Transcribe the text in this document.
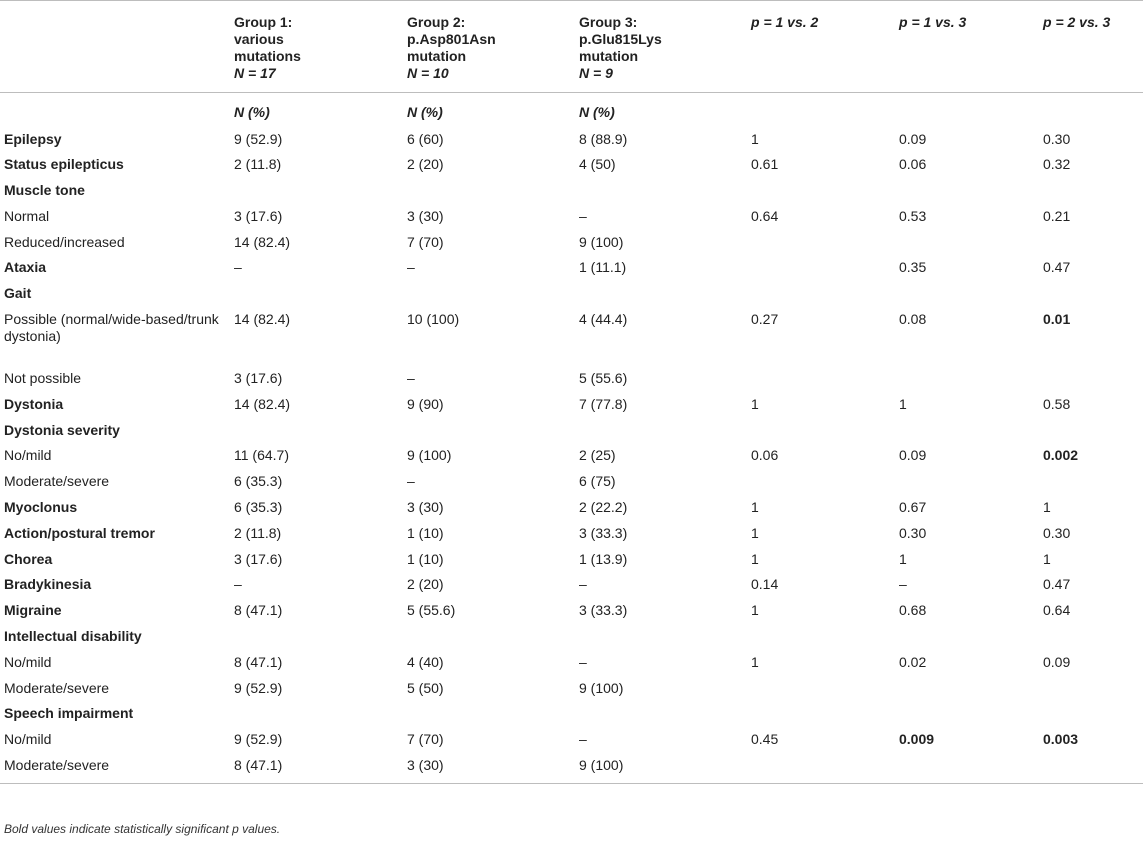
	Group 1:
various
mutations
N = 17	Group 2:
p.Asp801Asn
mutation
N = 10	Group 3:
p.Glu815Lys
mutation
N = 9	p = 1 vs. 2	p = 1 vs. 3	p = 2 vs. 3
	N (%)	N (%)	N (%)			
Epilepsy	9 (52.9)	6 (60)	8 (88.9)	1	0.09	0.30
Status epilepticus	2 (11.8)	2 (20)	4 (50)	0.61	0.06	0.32
Muscle tone						
Normal	3 (17.6)	3 (30)	–	0.64	0.53	0.21
Reduced/increased	14 (82.4)	7 (70)	9 (100)			
Ataxia	–	–	1 (11.1)		0.35	0.47
Gait						
Possible (normal/wide-based/trunk dystonia)	14 (82.4)	10 (100)	4 (44.4)	0.27	0.08	0.01
Not possible	3 (17.6)	–	5 (55.6)			
Dystonia	14 (82.4)	9 (90)	7 (77.8)	1	1	0.58
Dystonia severity						
No/mild	11 (64.7)	9 (100)	2 (25)	0.06	0.09	0.002
Moderate/severe	6 (35.3)	–	6 (75)			
Myoclonus	6 (35.3)	3 (30)	2 (22.2)	1	0.67	1
Action/postural tremor	2 (11.8)	1 (10)	3 (33.3)	1	0.30	0.30
Chorea	3 (17.6)	1 (10)	1 (13.9)	1	1	1
Bradykinesia	–	2 (20)	–	0.14	–	0.47
Migraine	8 (47.1)	5 (55.6)	3 (33.3)	1	0.68	0.64
Intellectual disability						
No/mild	8 (47.1)	4 (40)	–	1	0.02	0.09
Moderate/severe	9 (52.9)	5 (50)	9 (100)			
Speech impairment						
No/mild	9 (52.9)	7 (70)	–	0.45	0.009	0.003
Moderate/severe	8 (47.1)	3 (30)	9 (100)			
Bold values indicate statistically significant p values.
